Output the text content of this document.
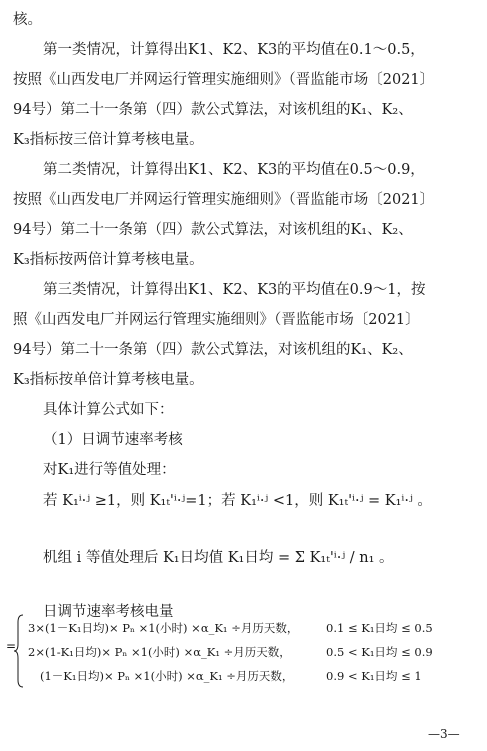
核。
第一类情况，计算得出K1、K2、K3的平均值在0.1～0.5，
按照《山西发电厂并网运行管理实施细则》（晋监能市场〔2021〕
94号）第二十一条第（四）款公式算法，对该机组的K₁、K₂、
K₃指标按三倍计算考核电量。
第二类情况，计算得出K1、K2、K3的平均值在0.5～0.9，
按照《山西发电厂并网运行管理实施细则》（晋监能市场〔2021〕
94号）第二十一条第（四）款公式算法，对该机组的K₁、K₂、
K₃指标按两倍计算考核电量。
第三类情况，计算得出K1、K2、K3的平均值在0.9～1，按
照《山西发电厂并网运行管理实施细则》（晋监能市场〔2021〕
94号）第二十一条第（四）款公式算法，对该机组的K₁、K₂、
K₃指标按单倍计算考核电量。
具体计算公式如下：
（1）日调节速率考核
对K₁进行等值处理：
若 K₁ⁱ·ʲ ≥1，则 K₁ₜ'ⁱ·ʲ=1；若 K₁ⁱ·ʲ <1，则 K₁ₜ'ⁱ·ʲ = K₁ⁱ·ʲ 。
机组 i 等值处理后 K₁日均值 K₁日均 = Σ K₁ₜ'ⁱ·ʲ / n₁ 。
日调节速率考核电量
=
3×(1－K₁日均)× Pₙ ×1(小时) ×α_K₁ ÷月历天数， 0.1 ≤ K₁日均 ≤ 0.5
2×(1-K₁日均)× Pₙ ×1(小时) ×α_K₁ ÷月历天数，	0.5 < K₁日均 ≤ 0.9
(1－K₁日均)× Pₙ ×1(小时) ×α_K₁ ÷月历天数，	0.9 < K₁日均 ≤ 1
—3—
